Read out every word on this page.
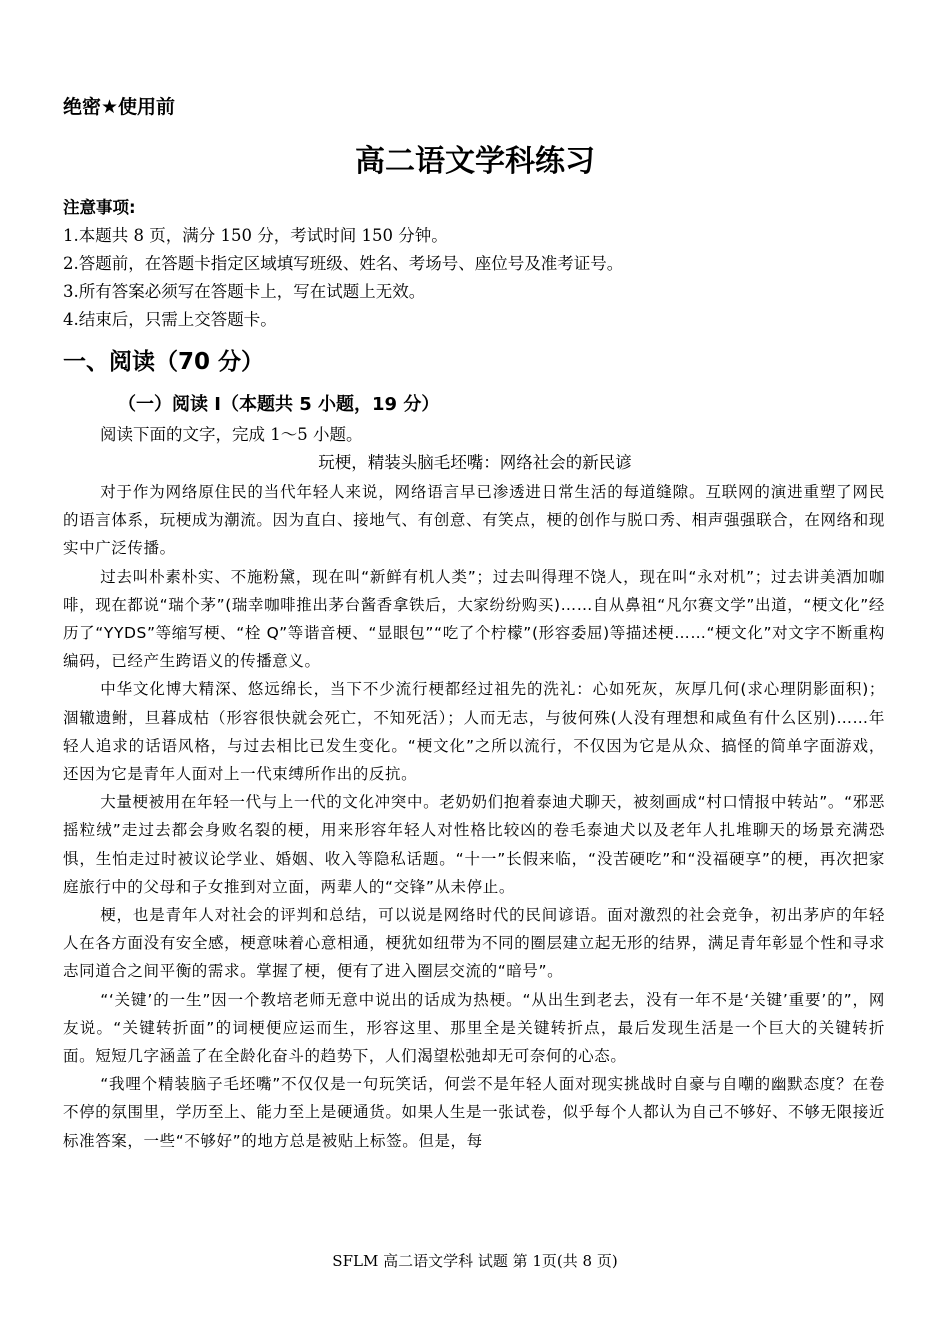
绝密★使用前
高二语文学科练习
注意事项:
1.本题共 8 页，满分 150 分，考试时间 150 分钟。
2.答题前，在答题卡指定区域填写班级、姓名、考场号、座位号及准考证号。
3.所有答案必须写在答题卡上，写在试题上无效。
4.结束后，只需上交答题卡。
一、阅读（70 分）
（一）阅读 I（本题共 5 小题，19 分）
阅读下面的文字，完成 1～5 小题。
玩梗，精装头脑毛坯嘴：网络社会的新民谚

对于作为网络原住民的当代年轻人来说，网络语言早已渗透进日常生活的每道缝隙。互联网的演进重塑了网民的语言体系，玩梗成为潮流。因为直白、接地气、有创意、有笑点，梗的创作与脱口秀、相声强强联合，在网络和现实中广泛传播。

过去叫朴素朴实、不施粉黛，现在叫“新鲜有机人类”；过去叫得理不饶人，现在叫“永对机”；过去讲美酒加咖啡，现在都说“瑞个茅”(瑞幸咖啡推出茅台酱香拿铁后，大家纷纷购买)……自从鼻祖“凡尔赛文学”出道，“梗文化”经历了“YYDS”等缩写梗、“栓 Q”等谐音梗、“显眼包”“吃了个柠檬”(形容委屈)等描述梗……“梗文化”对文字不断重构编码，已经产生跨语义的传播意义。

中华文化博大精深、悠远绵长，当下不少流行梗都经过祖先的洗礼：心如死灰，灰厚几何(求心理阴影面积)；涸辙遗鲋，旦暮成枯（形容很快就会死亡，不知死活）；人而无志，与彼何殊(人没有理想和咸鱼有什么区别)……年轻人追求的话语风格，与过去相比已发生变化。“梗文化”之所以流行，不仅因为它是从众、搞怪的简单字面游戏，还因为它是青年人面对上一代束缚所作出的反抗。

大量梗被用在年轻一代与上一代的文化冲突中。老奶奶们抱着泰迪犬聊天，被刻画成“村口情报中转站”。“邪恶摇粒绒”走过去都会身败名裂的梗，用来形容年轻人对性格比较凶的卷毛泰迪犬以及老年人扎堆聊天的场景充满恐惧，生怕走过时被议论学业、婚姻、收入等隐私话题。“十一”长假来临，“没苦硬吃”和“没福硬享”的梗，再次把家庭旅行中的父母和子女推到对立面，两辈人的“交锋”从未停止。

梗，也是青年人对社会的评判和总结，可以说是网络时代的民间谚语。面对激烈的社会竞争，初出茅庐的年轻人在各方面没有安全感，梗意味着心意相通，梗犹如纽带为不同的圈层建立起无形的结界，满足青年彰显个性和寻求志同道合之间平衡的需求。掌握了梗，便有了进入圈层交流的“暗号”。

“‘关键’的一生”因一个教培老师无意中说出的话成为热梗。“从出生到老去，没有一年不是‘关键’重要’的”，网友说。“关键转折面”的词梗便应运而生，形容这里、那里全是关键转折点，最后发现生活是一个巨大的关键转折面。短短几字涵盖了在全龄化奋斗的趋势下，人们渴望松弛却无可奈何的心态。

“我哩个精装脑子毛坯嘴”不仅仅是一句玩笑话，何尝不是年轻人面对现实挑战时自豪与自嘲的幽默态度？在卷不停的氛围里，学历至上、能力至上是硬通货。如果人生是一张试卷，似乎每个人都认为自己不够好、不够无限接近标准答案，一些“不够好”的地方总是被贴上标签。但是，每

SFLM 高二语文学科 试题 第 1页(共 8 页)
